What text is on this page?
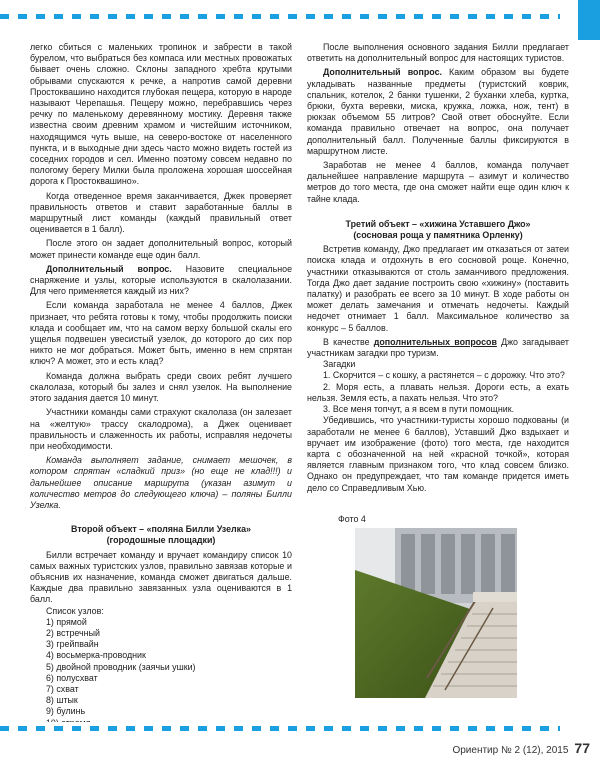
легко сбиться с маленьких тропинок и забрести в такой бурелом, что выбраться без компаса или местных провожатых бывает очень сложно. Склоны западного хребта крутыми обрывами спускаются к речке, а напротив самой деревни Простоквашино находится глубокая пещера, которую в народе называют Черепашья. Пещеру можно, перебравшись через речку по маленькому деревянному мостику. Деревня также известна своим древним храмом и чистейшим источником, находящимся чуть выше, на северо-востоке от населенного пункта, и в выходные дни здесь часто можно видеть гостей из соседних городов и сел. Именно поэтому совсем недавно по пологому берегу Милки была проложена хорошая шоссейная дорога к Простоквашино».

Когда отведенное время заканчивается, Джек проверяет правильность ответов и ставит заработанные баллы в маршрутный лист команды (каждый правильный ответ оценивается в 1 балл).

После этого он задает дополнительный вопрос, который может принести команде еще один балл.

Дополнительный вопрос. Назовите специальное снаряжение и узлы, которые используются в скалолазании. Для чего применяется каждый из них?

Если команда заработала не менее 4 баллов, Джек признает, что ребята готовы к тому, чтобы продолжить поиски клада и сообщает им, что на самом верху большой скалы его ущелья подвешен увесистый узелок, до которого до сих пор никто не мог добраться. Может быть, именно в нем спрятан ключ? А может, это и есть клад?

Команда должна выбрать среди своих ребят лучшего скалолаза, который бы залез и снял узелок. На выполнение этого задания дается 10 минут.

Участники команды сами страхуют скалолаза (он залезает на «желтую» трассу скалодрома), а Джек оценивает правильность и слаженность их работы, исправляя недочеты при необходимости.

Команда выполняет задание, снимает мешочек, в котором спрятан «сладкий приз» (но еще не клад!!!) и дальнейшее описание маршрута (указан азимут и количество метров до следующего ключа) – поляны Билли Узелка.

Второй объект – «поляна Билли Узелка»

(городошные площадки)

Билли встречает команду и вручает командиру список 10 самых важных туристских узлов, правильно завязав которые и объяснив их назначение, команда сможет двигаться дальше. Каждые два правильно завязанных узла оцениваются в 1 балл.

Список узлов:

1) прямой
2) встречный
3) грейпвайн
4) восьмерка-проводник
5) двойной проводник (заячьи ушки)
6) полусхват
7) схват
8) штык
9) булинь

После выполнения основного задания Билли предлагает ответить на дополнительный вопрос для настоящих туристов.

Дополнительный вопрос. Каким образом вы будете укладывать названные предметы (туристский коврик, спальник, котелок, 2 банки тушенки, 2 буханки хлеба, куртка, брюки, бухта веревки, миска, кружка, ложка, нож, тент) в рюкзак объемом 55 литров? Свой ответ обоснуйте. Если команда правильно отвечает на вопрос, она получает дополнительный балл. Полученные баллы фиксируются в маршрутном листе.

Заработав не менее 4 баллов, команда получает дальнейшее направление маршрута – азимут и количество метров до того места, где она сможет найти еще один ключ к тайне клада.

Третий объект – «хижина Уставшего Джо»

(сосновая роща у памятника Орленку)

Встретив команду, Джо предлагает им отказаться от затеи поиска клада и отдохнуть в его сосновой роще. Конечно, участники отказываются от столь заманчивого предложения. Тогда Джо дает задание построить свою «хижину» (поставить палатку) и разобрать ее всего за 10 минут. В ходе работы он может делать замечания и отмечать недочеты. Каждый недочет отнимает 1 балл. Максимальное количество за конкурс – 5 баллов.

В качестве дополнительных вопросов Джо загадывает участникам загадки про туризм.

Загадки

1. Скорчится – с кошку, а растянется – с дорожку. Что это?

2. Моря есть, а плавать нельзя. Дороги есть, а ехать нельзя. Земля есть, а пахать нельзя. Что это?

3. Все меня топчут, а я всем в пути помощник.

Убедившись, что участники-туристы хорошо подкованы (и заработали не менее 6 баллов), Уставший Джо вздыхает и вручает им изображение (фото) того места, где находится карта с обозначенной на ней «красной точкой», которая является главным признаком того, что клад совсем близко. Однако он предупреждает, что там команде придется иметь дело со Справедливым Хью.

Фото 4
Ориентир № 2 (12), 2015 77
